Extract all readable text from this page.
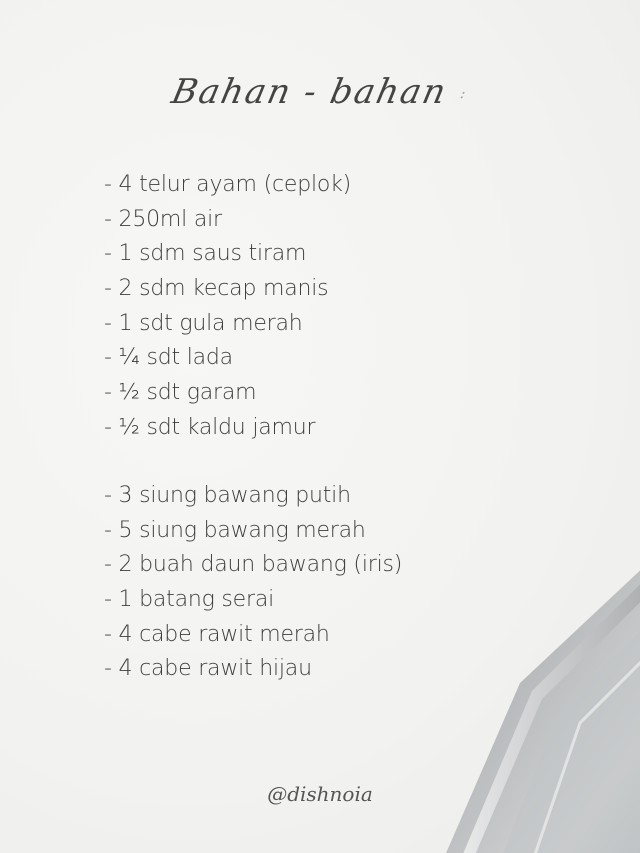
Bahan - bahan :
- 4 telur ayam (ceplok)
- 250ml air
- 1 sdm saus tiram
- 2 sdm kecap manis
- 1 sdt gula merah
- ¼ sdt lada
- ½ sdt garam
- ½ sdt kaldu jamur
- 3 siung bawang putih
- 5 siung bawang merah
- 2 buah daun bawang (iris)
- 1 batang serai
- 4 cabe rawit merah
- 4 cabe rawit hijau
@dishnoia
